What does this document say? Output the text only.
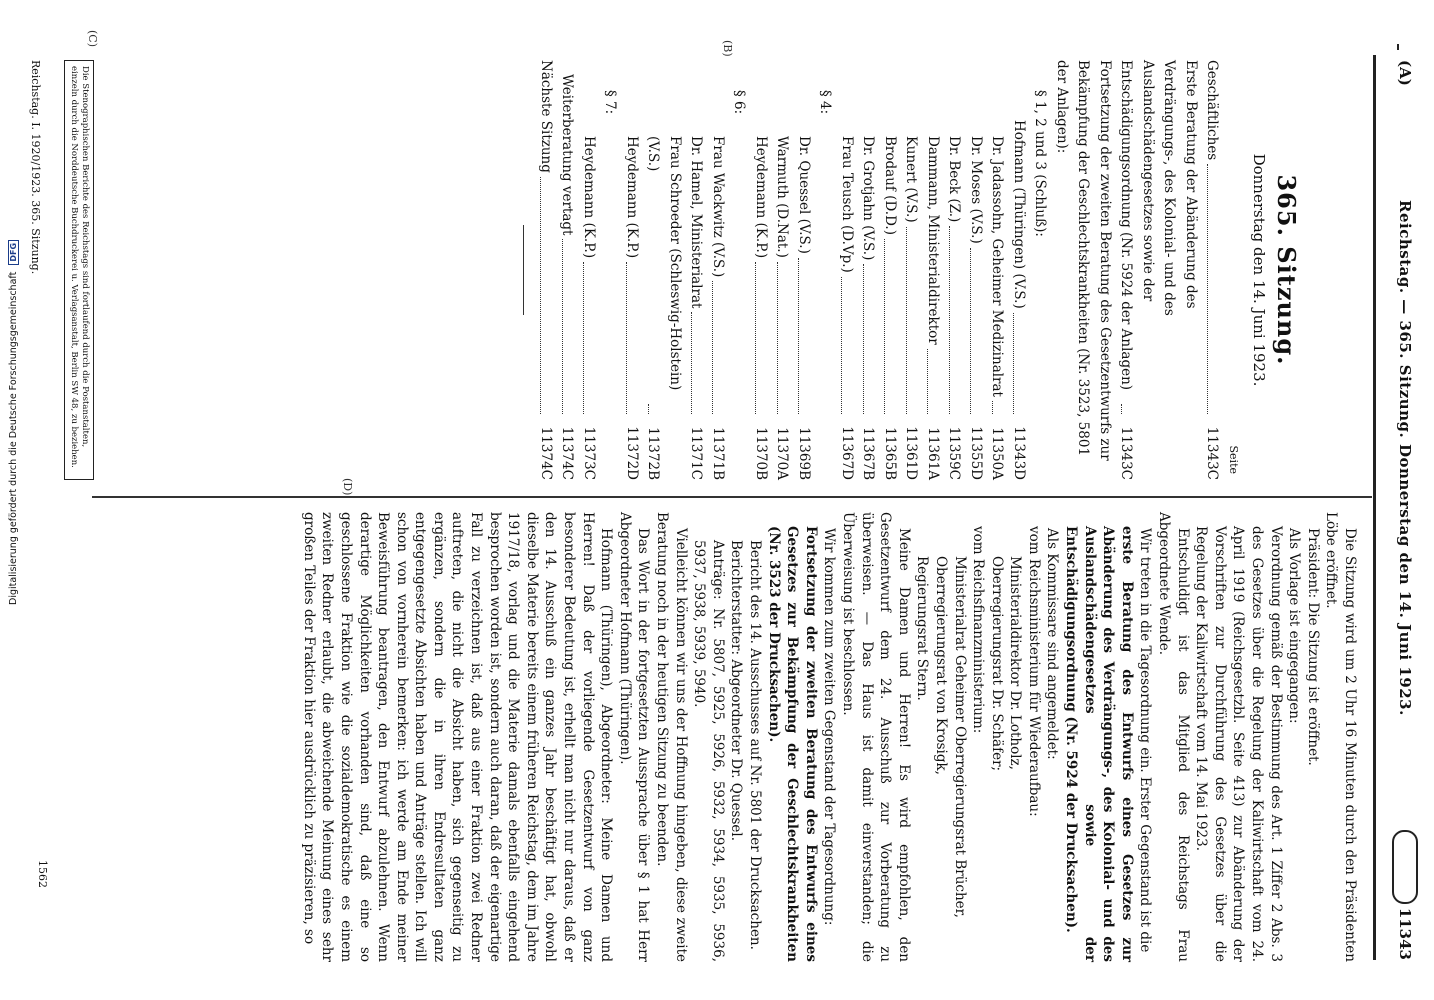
(A)
Reichstag. — 365. Sitzung. Donnerstag den 14. Juni 1923.
11343
(C)
(D)
(B)
365. Sitzung.
Donnerstag den 14. Juni 1923.
Seite
Geschäftliches
11343C
Erste Beratung der Abänderung des Verdrängungs-, des Kolonial- und des Auslandschädengesetzes sowie der Entschädigungsordnung (Nr. 5924 der Anlagen)
11343C
Fortsetzung der zweiten Beratung des Gesetzentwurfs zur Bekämpfung der Geschlechtskrankheiten (Nr. 3523, 5801 der Anlagen):
§ 1, 2 und 3 (Schluß):
Hofmann (Thüringen) (V.S.)
11343D
Dr. Jadassohn, Geheimer Medizinalrat
11350A
Dr. Moses (V.S.)
11355D
Dr. Beck (Z.)
11359C
Dammann, Ministerialdirektor
11361A
Kunert (V.S.)
11361D
Brodauf (D.D.)
11365B
Dr. Grotjahn (V.S.)
11367B
Frau Teusch (D.Vp.)
11367D
§ 4:
Dr. Quessel (V.S.)
11369B
Warmuth (D.Nat.)
11370A
Heydemann (K.P.)
11370B
§ 6:
Frau Wackwitz (V.S.)
11371B
Dr. Hamel, Ministerialrat
11371C
Frau Schroeder (Schleswig-Holstein) (V.S.)
11372B
Heydemann (K.P.)
11372D
§ 7:
Heydemann (K.P.)
11373C
Weiterberatung vertagt
11374C
Nächste Sitzung
11374C
Die Stenographischen Berichte des Reichstags sind fortlaufend durch die Postanstalten, einzeln durch die Norddeutsche Buchdruckerei u. Verlagsanstalt, Berlin SW 48, zu beziehen.
Reichstag. I. 1920/1923. 365. Sitzung.

Die Sitzung wird um 2 Uhr 16 Minuten durch den Präsidenten Löbe eröffnet.

Präsident: Die Sitzung ist eröffnet.

Als Vorlage ist eingegangen:

Verordnung gemäß der Bestimmung des Art. 1 Ziffer 2 Abs. 3 des Gesetzes über die Regelung der Kaliwirtschaft vom 24. April 1919 (Reichsgesetzbl. Seite 413) zur Abänderung der Vorschriften zur Durchführung des Gesetzes über die Regelung der Kaliwirtschaft vom 14. Mai 1923.

Entschuldigt ist das Mitglied des Reichstags Frau Abgeordnete Wende.

Wir treten in die Tagesordnung ein. Erster Gegenstand ist die

erste Beratung des Entwurfs eines Gesetzes zur Abänderung des Verdrängungs-, des Kolonial- und des Auslandschädengesetzes sowie der Entschädigungsordnung (Nr. 5924 der Drucksachen).

Als Kommissare sind angemeldet:

vom Reichsministerium für Wiederaufbau:

Ministerialdirektor Dr. Lotholz,

Oberregierungsrat Dr. Schäfer;

vom Reichsfinanzministerium:

Ministerialrat Geheimer Oberregierungsrat Brücher,

Oberregierungsrat von Krosigk,

Regierungsrat Stern.

Meine Damen und Herren! Es wird empfohlen, den Gesetzentwurf dem 24. Ausschuß zur Vorberatung zu überweisen. — Das Haus ist damit einverstanden; die Überweisung ist beschlossen.

Wir kommen zum zweiten Gegenstand der Tagesordnung:

Fortsetzung der zweiten Beratung des Entwurfs eines Gesetzes zur Bekämpfung der Geschlechtskrankheiten (Nr. 3523 der Drucksachen).

Bericht des 14. Ausschusses auf Nr. 5801 der Drucksachen.

Berichterstatter: Abgeordneter Dr. Quessel.

Anträge: Nr. 5807, 5925, 5926, 5932, 5934, 5935, 5936, 5937, 5938, 5939, 5940.

Vielleicht können wir uns der Hoffnung hingeben, diese zweite Beratung noch in der heutigen Sitzung zu beenden.

Das Wort in der fortgesetzten Aussprache über § 1 hat Herr Abgeordneter Hofmann (Thüringen).

Hofmann (Thüringen), Abgeordneter: Meine Damen und Herren! Daß der vorliegende Gesetzentwurf von ganz besonderer Bedeutung ist, erhellt man nicht nur daraus, daß er den 14. Ausschuß ein ganzes Jahr beschäftigt hat, obwohl dieselbe Materie bereits einem früheren Reichstag, dem im Jahre 1917/18, vorlag und die Materie damals ebenfalls eingehend besprochen worden ist, sondern auch daran, daß der eigenartige Fall zu verzeichnen ist, daß aus einer Fraktion zwei Redner auftreten, die nicht die Absicht haben, sich gegenseitig zu ergänzen, sondern die in ihren Endresultaten ganz entgegengesetzte Absichten haben und Anträge stellen. Ich will schon von vornherein bemerken: ich werde am Ende meiner Beweisführung beantragen, den Entwurf abzulehnen. Wenn derartige Möglichkeiten vorhanden sind, daß eine so geschlossene Fraktion wie die sozialdemokratische es einem zweiten Redner erlaubt, die abweichende Meinung eines sehr großen Teiles der Fraktion hier ausdrücklich zu präzisieren, so

1562
Digitalisierung gefördert durch die Deutsche Forschungsgemeinschaft DFG
